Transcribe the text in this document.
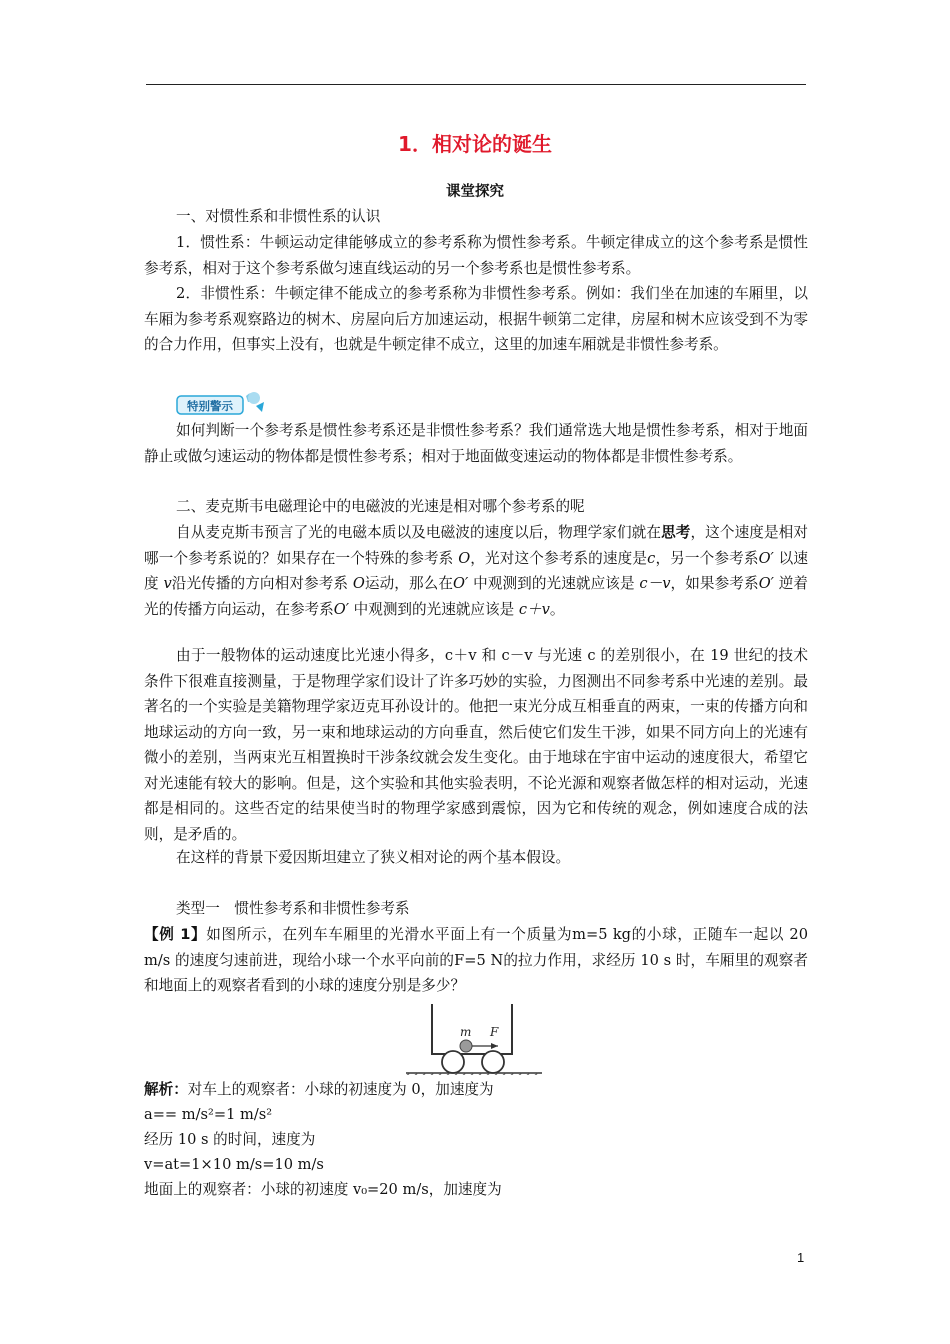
1．相对论的诞生
课堂探究

一、对惯性系和非惯性系的认识

1．惯性系：牛顿运动定律能够成立的参考系称为惯性参考系。牛顿定律成立的这个参考系是惯性参考系，相对于这个参考系做匀速直线运动的另一个参考系也是惯性参考系。

2．非惯性系：牛顿定律不能成立的参考系称为非惯性参考系。例如：我们坐在加速的车厢里，以车厢为参考系观察路边的树木、房屋向后方加速运动，根据牛顿第二定律，房屋和树木应该受到不为零的合力作用，但事实上没有，也就是牛顿定律不成立，这里的加速车厢就是非惯性参考系。

特别警示

如何判断一个参考系是惯性参考系还是非惯性参考系？我们通常选大地是惯性参考系，相对于地面静止或做匀速运动的物体都是惯性参考系；相对于地面做变速运动的物体都是非惯性参考系。

二、麦克斯韦电磁理论中的电磁波的光速是相对哪个参考系的呢

自从麦克斯韦预言了光的电磁本质以及电磁波的速度以后，物理学家们就在思考，这个速度是相对哪一个参考系说的？如果存在一个特殊的参考系 O，光对这个参考系的速度是c，另一个参考系O′ 以速度 v沿光传播的方向相对参考系 O运动，那么在O′ 中观测到的光速就应该是 c－v，如果参考系O′ 逆着光的传播方向运动，在参考系O′ 中观测到的光速就应该是 c＋v。

由于一般物体的运动速度比光速小得多，c＋v 和 c－v 与光速 c 的差别很小，在 19 世纪的技术条件下很难直接测量，于是物理学家们设计了许多巧妙的实验，力图测出不同参考系中光速的差别。最著名的一个实验是美籍物理学家迈克耳孙设计的。他把一束光分成互相垂直的两束，一束的传播方向和地球运动的方向一致，另一束和地球运动的方向垂直，然后使它们发生干涉，如果不同方向上的光速有微小的差别，当两束光互相置换时干涉条纹就会发生变化。由于地球在宇宙中运动的速度很大，希望它对光速能有较大的影响。但是，这个实验和其他实验表明，不论光源和观察者做怎样的相对运动，光速都是相同的。这些否定的结果使当时的物理学家感到震惊，因为它和传统的观念，例如速度合成的法则，是矛盾的。

在这样的背景下爱因斯坦建立了狭义相对论的两个基本假设。

类型一　惯性参考系和非惯性参考系

【例 1】如图所示，在列车车厢里的光滑水平面上有一个质量为m=5 kg的小球，正随车一起以 20 m/s 的速度匀速前进，现给小球一个水平向前的F=5 N的拉力作用，求经历 10 s 时，车厢里的观察者和地面上的观察者看到的小球的速度分别是多少？

m F

解析：对车上的观察者：小球的初速度为 0，加速度为

a== m/s²=1 m/s²

经历 10 s 的时间，速度为

v=at=1×10 m/s=10 m/s

地面上的观察者：小球的初速度 v₀=20 m/s，加速度为

1
